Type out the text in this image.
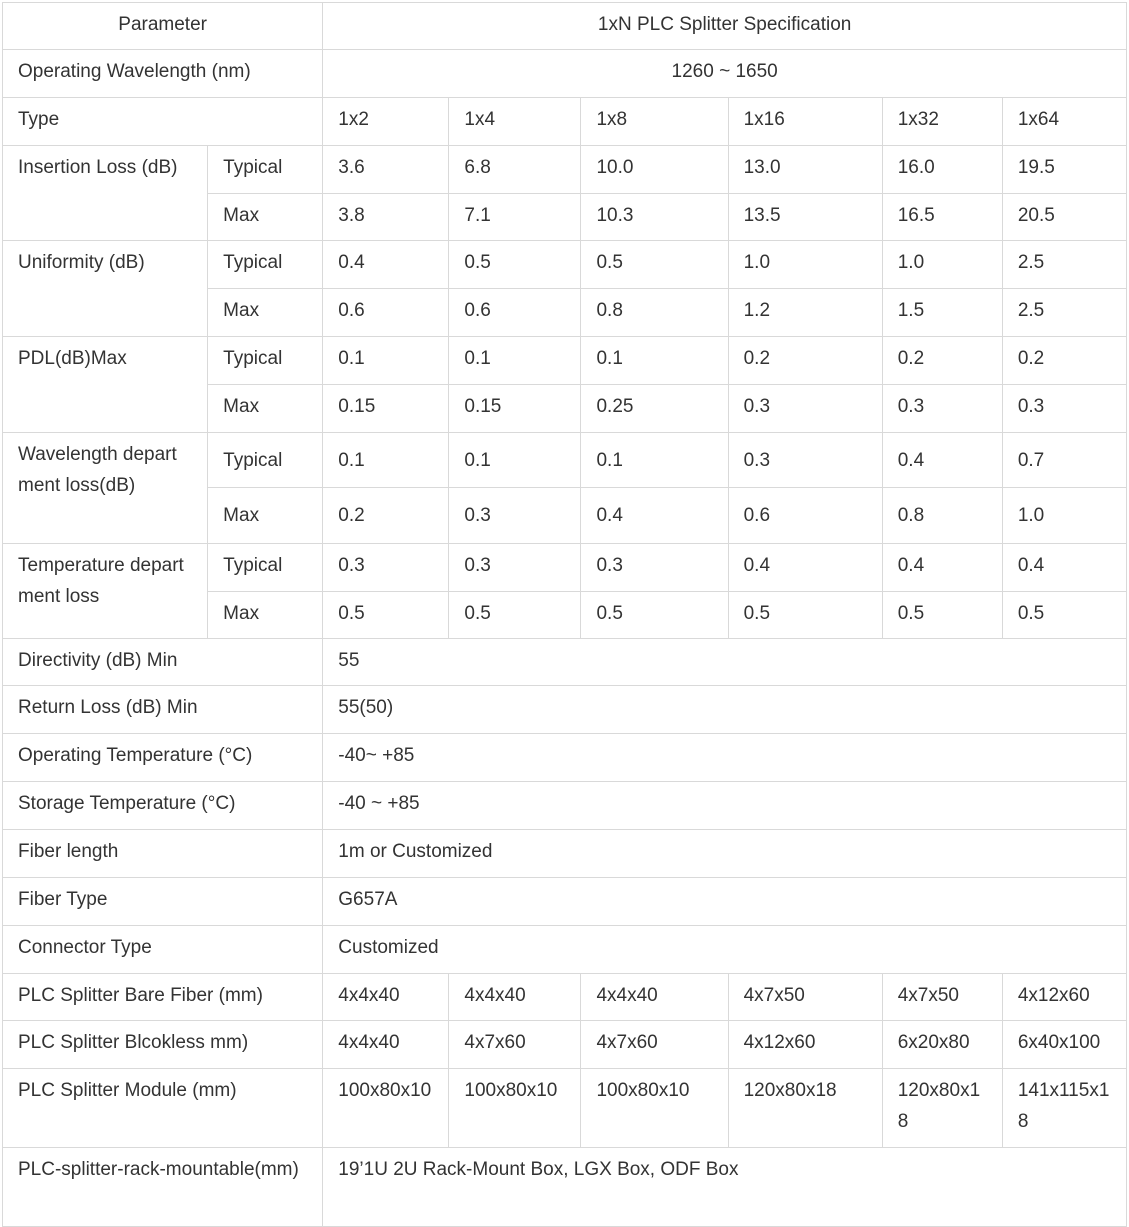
Parameter		1xN PLC Splitter Specification					
Operating Wavelength (nm)		1260 ~ 1650					
Type		1x2	1x4	1x8	1x16	1x32	1x64
Insertion Loss (dB)	Typical	3.6	6.8	10.0	13.0	16.0	19.5
	Max	3.8	7.1	10.3	13.5	16.5	20.5
Uniformity (dB)	Typical	0.4	0.5	0.5	1.0	1.0	2.5
	Max	0.6	0.6	0.8	1.2	1.5	2.5
PDL(dB)Max	Typical	0.1	0.1	0.1	0.2	0.2	0.2
	Max	0.15	0.15	0.25	0.3	0.3	0.3
Wavelength department loss(dB)	Typical	0.1	0.1	0.1	0.3	0.4	0.7
	Max	0.2	0.3	0.4	0.6	0.8	1.0
Temperature department loss	Typical	0.3	0.3	0.3	0.4	0.4	0.4
	Max	0.5	0.5	0.5	0.5	0.5	0.5
Directivity (dB) Min		55					
Return Loss (dB) Min		55(50)					
Operating Temperature (°C)		-40~ +85					
Storage Temperature (°C)		-40 ~ +85					
Fiber length		1m or Customized					
Fiber Type		G657A					
Connector Type		Customized					
PLC Splitter Bare Fiber (mm)		4x4x40	4x4x40	4x4x40	4x7x50	4x7x50	4x12x60
PLC Splitter Blcokless mm)		4x4x40	4x7x60	4x7x60	4x12x60	6x20x80	6x40x100
PLC Splitter Module (mm)		100x80x10	100x80x10	100x80x10	120x80x18	120x80x18	141x115x18
PLC-splitter-rack-mountable(mm)		19’1U 2U Rack-Mount Box, LGX Box, ODF Box					
